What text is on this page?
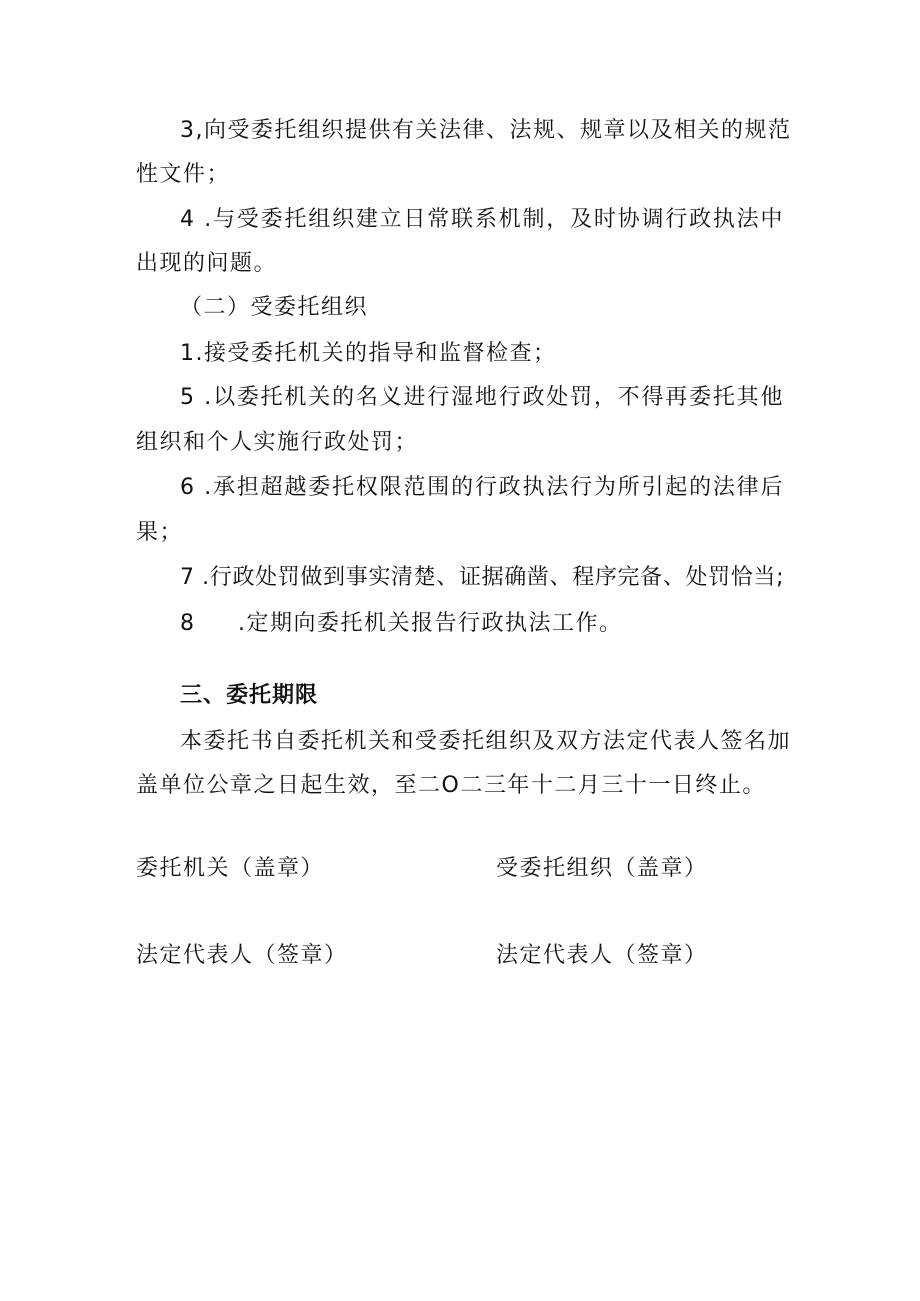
3,向受委托组织提供有关法律、法规、规章以及相关的规范
性文件；
4 .与受委托组织建立日常联系机制，及时协调行政执法中
出现的问题。
（二）受委托组织
1.接受委托机关的指导和监督检查；
5 .以委托机关的名义进行湿地行政处罚，不得再委托其他
组织和个人实施行政处罚；
6 .承担超越委托权限范围的行政执法行为所引起的法律后
果；
7 .行政处罚做到事实清楚、证据确凿、程序完备、处罚恰当;
8 .定期向委托机关报告行政执法工作。
三、委托期限
本委托书自委托机关和受委托组织及双方法定代表人签名加
盖单位公章之日起生效，至二O二三年十二月三十一日终止。
委托机关（盖章）	受委托组织（盖章）
法定代表人（签章）	法定代表人（签章）
